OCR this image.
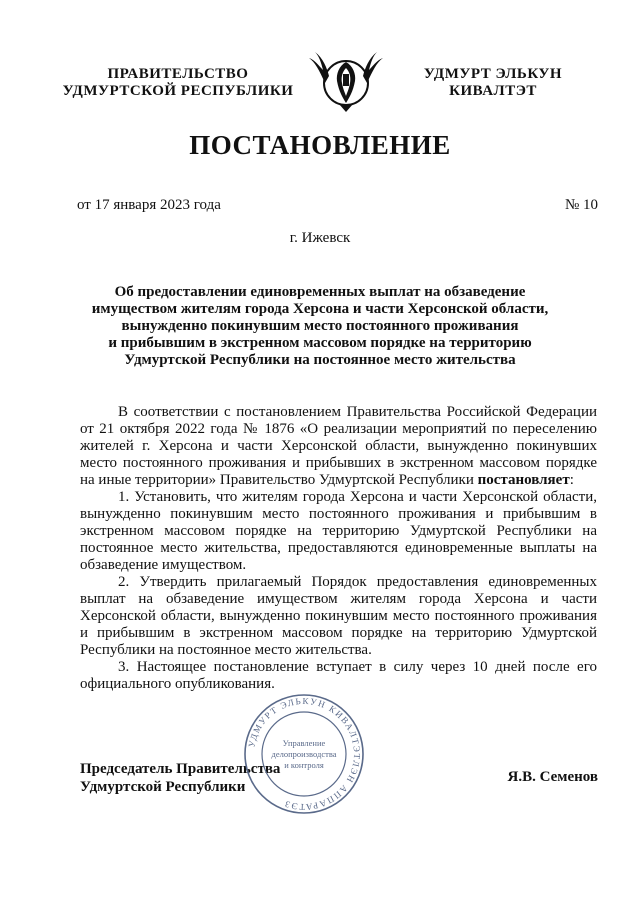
ПРАВИТЕЛЬСТВО
УДМУРТСКОЙ РЕСПУБЛИКИ
УДМУРТ ЭЛЬКУН
КИВАЛТЭТ
ПОСТАНОВЛЕНИЕ
от 17 января 2023 года	№ 10
г. Ижевск
Об предоставлении единовременных выплат на обзаведение
имуществом жителям города Херсона и части Херсонской области,
вынужденно покинувшим место постоянного проживания
и прибывшим в экстренном массовом порядке на территорию
Удмуртской Республики на постоянное место жительства

В соответствии с постановлением Правительства Российской Федерации от 21 октября 2022 года № 1876 «О реализации мероприятий по переселению жителей г. Херсона и части Херсонской области, вынужденно покинувших место постоянного проживания и прибывших в экстренном массовом порядке на иные территории» Правительство Удмуртской Республики постановляет:

1. Установить, что жителям города Херсона и части Херсонской области, вынужденно покинувшим место постоянного проживания и прибывшим в экстренном массовом порядке на территорию Удмуртской Республики на постоянное место жительства, предоставляются единовременные выплаты на обзаведение имуществом.

2. Утвердить прилагаемый Порядок предоставления единовременных выплат на обзаведение имуществом жителям города Херсона и части Херсонской области, вынужденно покинувшим место постоянного проживания и прибывшим в экстренном массовом порядке на территорию Удмуртской Республики на постоянное место жительства.

3. Настоящее постановление вступает в силу через 10 дней после его официального опубликования.

Председатель Правительства
Удмуртской Республики
УДМУРТ ЭЛЬКУН КИВАЛТЭТЛЭН АППАРАТЭЗ
Управление
делопроизводства
и контроля
Я.В. Семенов
